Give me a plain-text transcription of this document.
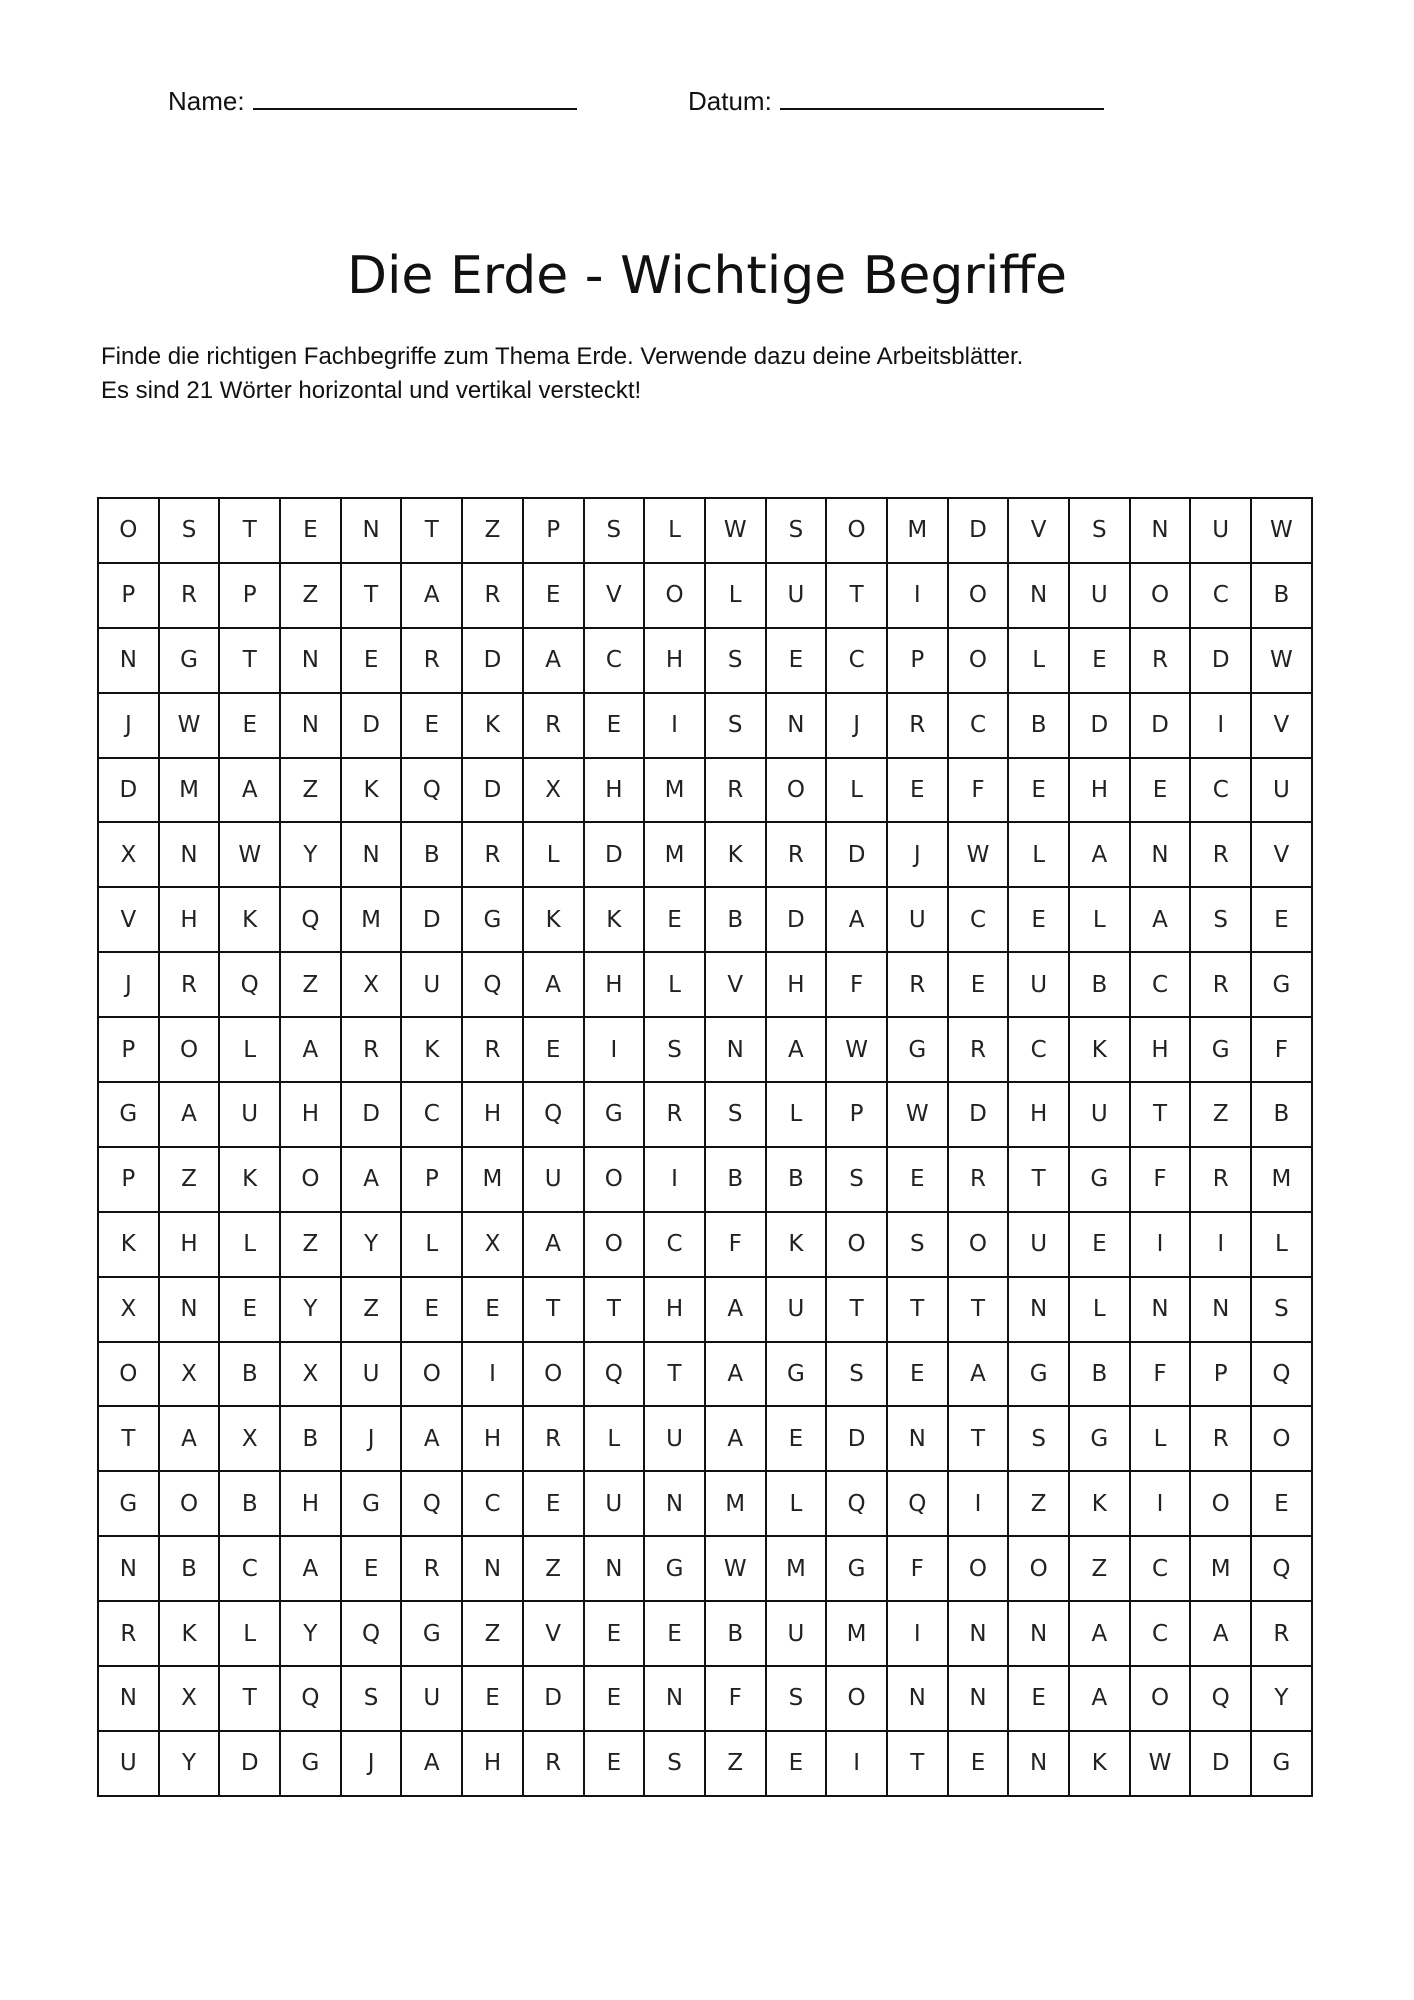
Name:	Datum:
Die Erde - Wichtige Begriffe

Finde die richtigen Fachbegriffe zum Thema Erde. Verwende dazu deine Arbeitsblätter.

Es sind 21 Wörter horizontal und vertikal versteckt!

O	S	T	E	N	T	Z	P	S	L	W	S	O	M	D	V	S	N	U	W
P	R	P	Z	T	A	R	E	V	O	L	U	T	I	O	N	U	O	C	B
N	G	T	N	E	R	D	A	C	H	S	E	C	P	O	L	E	R	D	W
J	W	E	N	D	E	K	R	E	I	S	N	J	R	C	B	D	D	I	V
D	M	A	Z	K	Q	D	X	H	M	R	O	L	E	F	E	H	E	C	U
X	N	W	Y	N	B	R	L	D	M	K	R	D	J	W	L	A	N	R	V
V	H	K	Q	M	D	G	K	K	E	B	D	A	U	C	E	L	A	S	E
J	R	Q	Z	X	U	Q	A	H	L	V	H	F	R	E	U	B	C	R	G
P	O	L	A	R	K	R	E	I	S	N	A	W	G	R	C	K	H	G	F
G	A	U	H	D	C	H	Q	G	R	S	L	P	W	D	H	U	T	Z	B
P	Z	K	O	A	P	M	U	O	I	B	B	S	E	R	T	G	F	R	M
K	H	L	Z	Y	L	X	A	O	C	F	K	O	S	O	U	E	I	I	L
X	N	E	Y	Z	E	E	T	T	H	A	U	T	T	T	N	L	N	N	S
O	X	B	X	U	O	I	O	Q	T	A	G	S	E	A	G	B	F	P	Q
T	A	X	B	J	A	H	R	L	U	A	E	D	N	T	S	G	L	R	O
G	O	B	H	G	Q	C	E	U	N	M	L	Q	Q	I	Z	K	I	O	E
N	B	C	A	E	R	N	Z	N	G	W	M	G	F	O	O	Z	C	M	Q
R	K	L	Y	Q	G	Z	V	E	E	B	U	M	I	N	N	A	C	A	R
N	X	T	Q	S	U	E	D	E	N	F	S	O	N	N	E	A	O	Q	Y
U	Y	D	G	J	A	H	R	E	S	Z	E	I	T	E	N	K	W	D	G
